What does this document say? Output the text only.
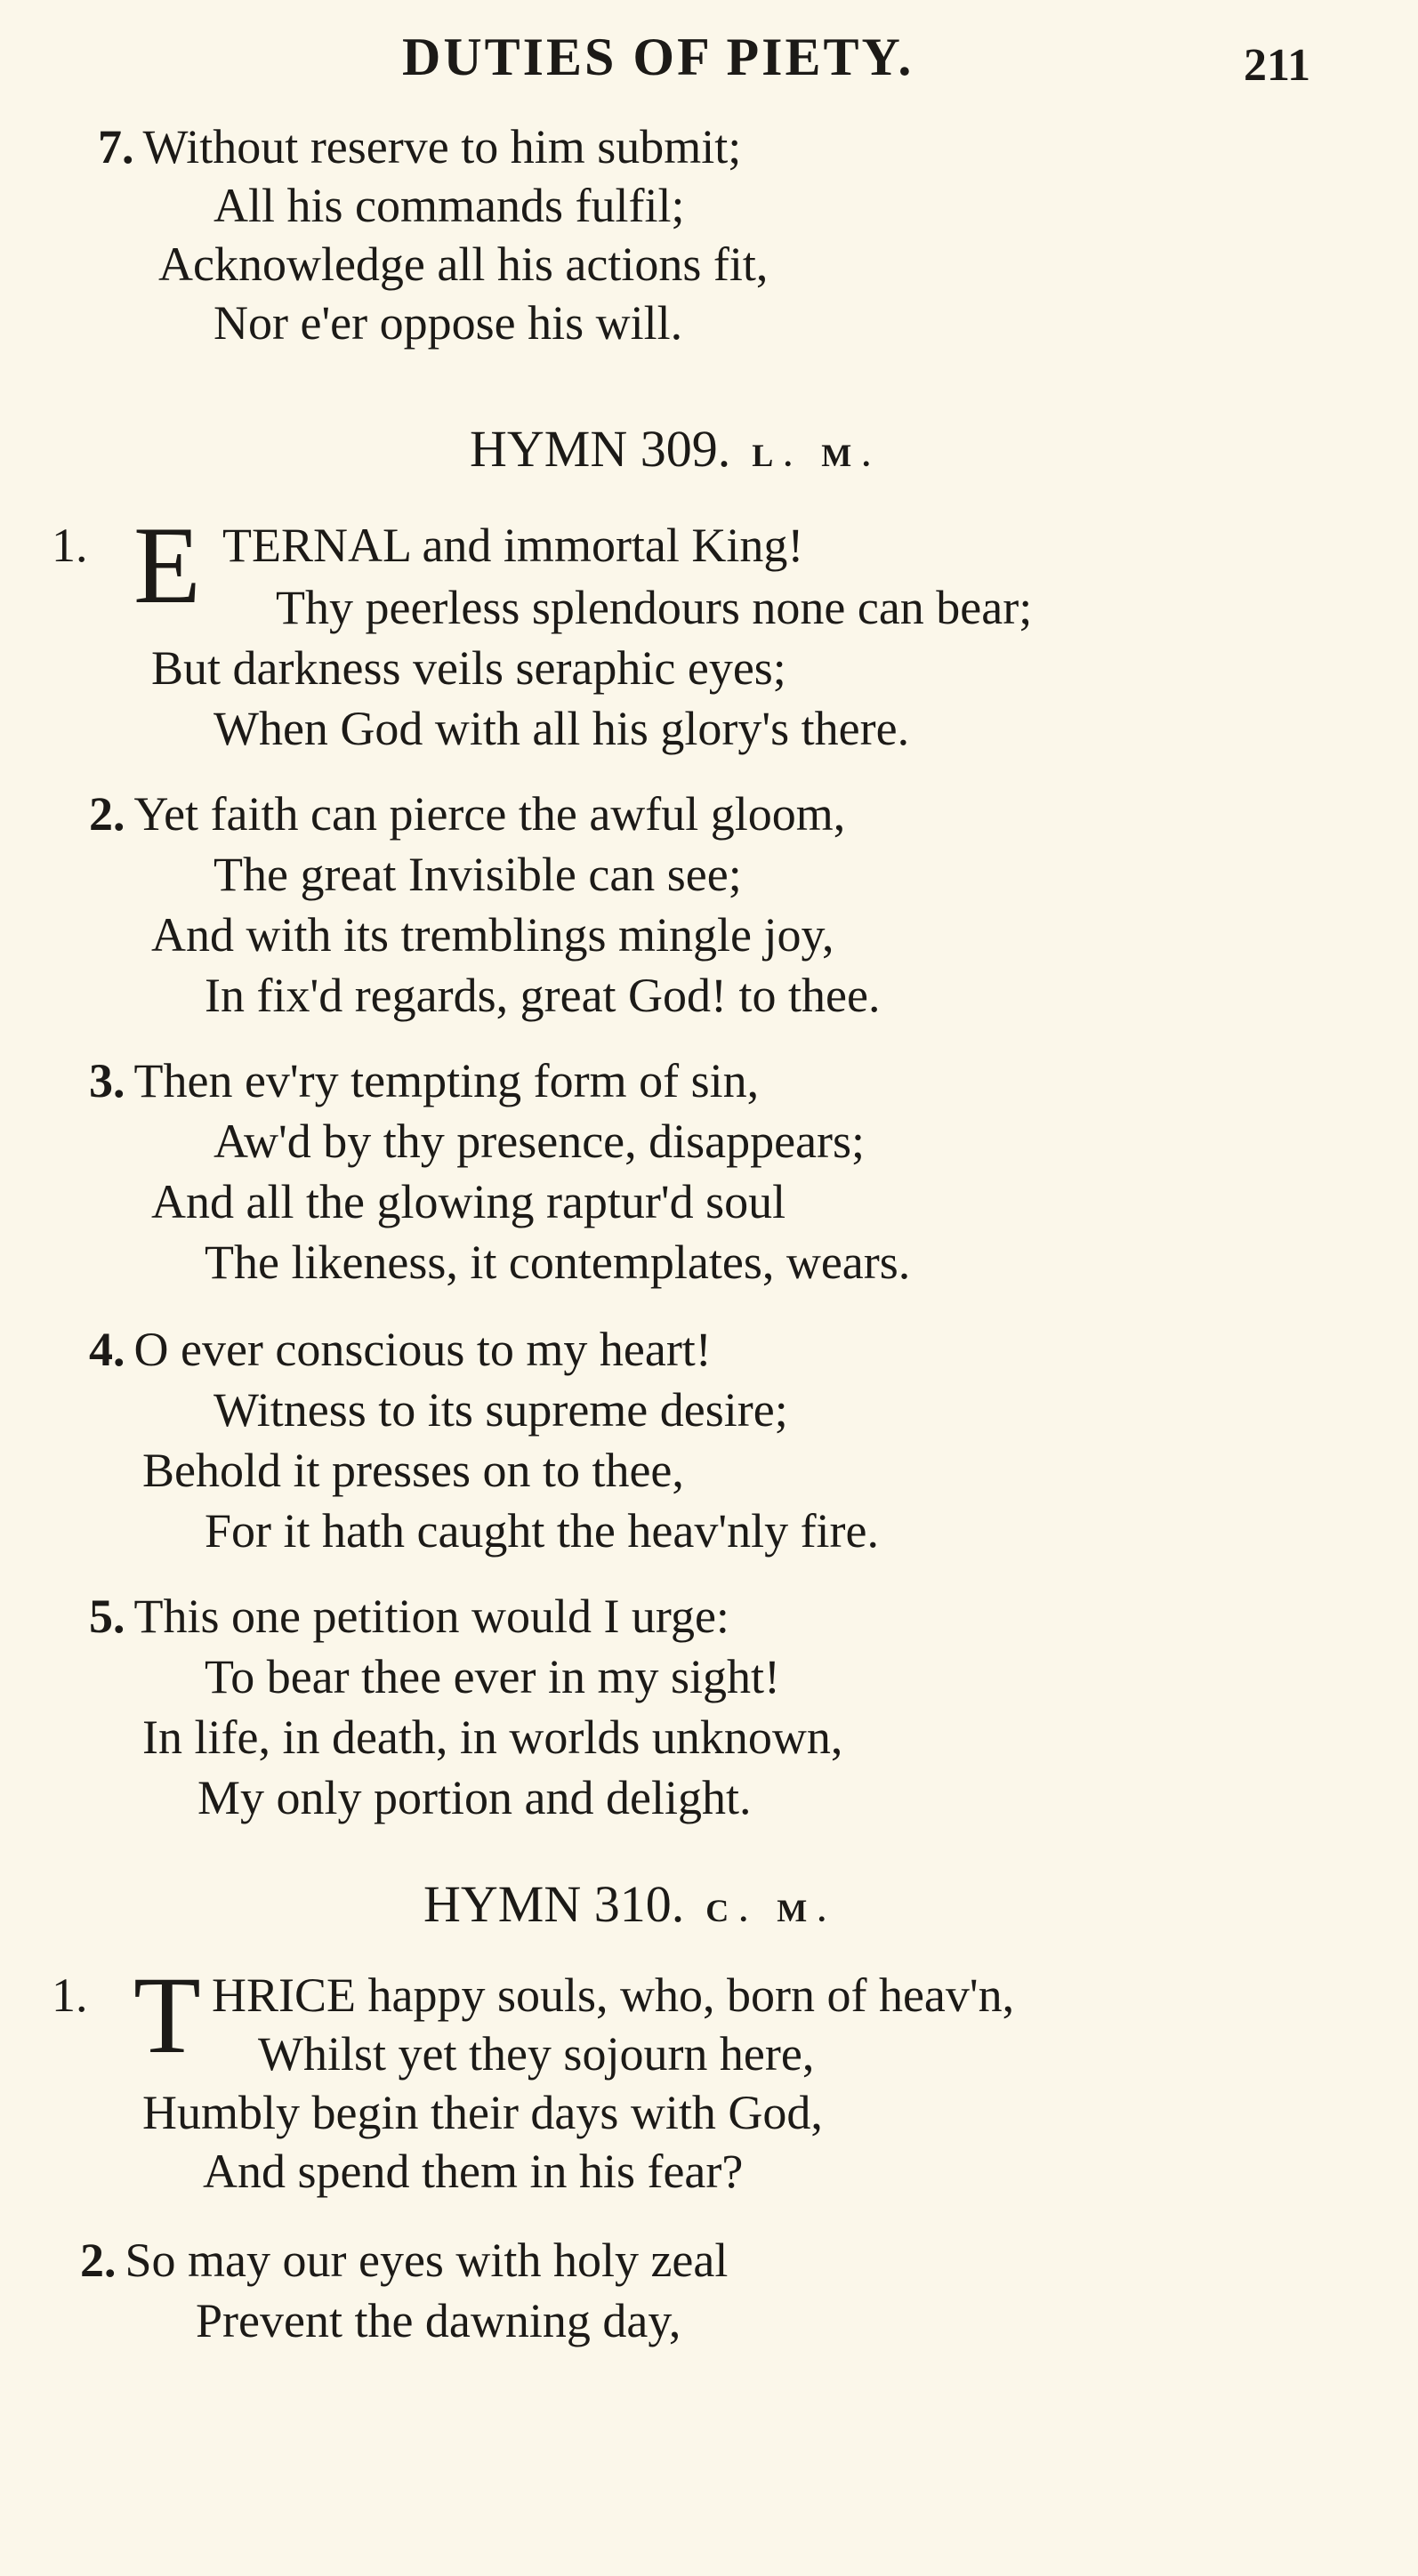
DUTIES OF PIETY.	211
7. Without reserve to him submit;
All his commands fulfil;
Acknowledge all his actions fit,
Nor e'er oppose his will.
HYMN 309. L. M.
1. E TERNAL and immortal King!
Thy peerless splendours none can bear;
But darkness veils seraphic eyes;
When God with all his glory's there.
2. Yet faith can pierce the awful gloom,
The great Invisible can see;
And with its tremblings mingle joy,
In fix'd regards, great God! to thee.
3. Then ev'ry tempting form of sin,
Aw'd by thy presence, disappears;
And all the glowing raptur'd soul
The likeness, it contemplates, wears.
4. O ever conscious to my heart!
Witness to its supreme desire;
Behold it presses on to thee,
For it hath caught the heav'nly fire.
5. This one petition would I urge:
To bear thee ever in my sight!
In life, in death, in worlds unknown,
My only portion and delight.
HYMN 310. C. M.
1. T HRICE happy souls, who, born of heav'n,
Whilst yet they sojourn here,
Humbly begin their days with God,
And spend them in his fear?
2. So may our eyes with holy zeal
Prevent the dawning day,
